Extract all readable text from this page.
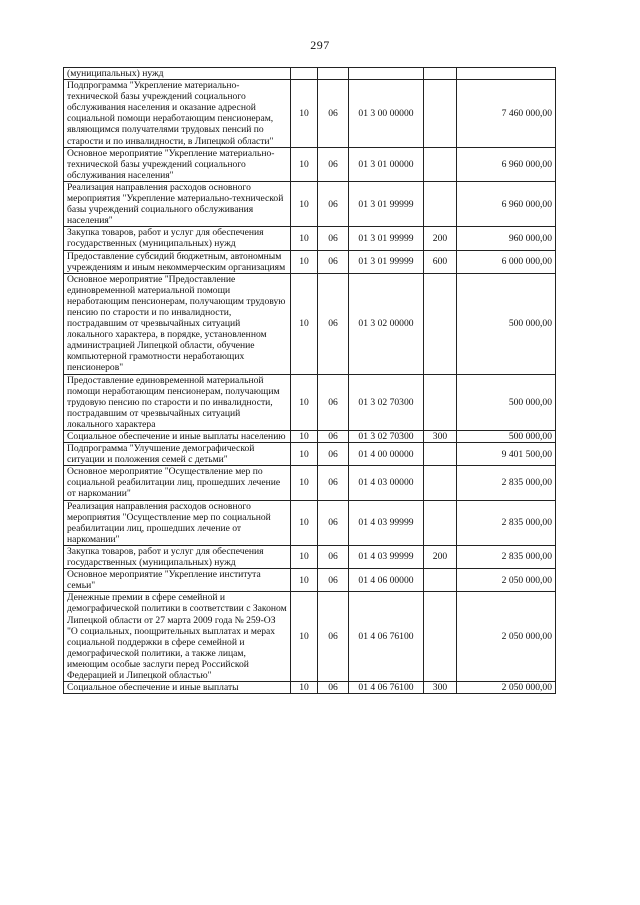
297
(муниципальных) нужд					
Подпрограмма "Укрепление материально-технической базы учреждений социального обслуживания населения и оказание адресной социальной помощи неработающим пенсионерам, являющимся получателями трудовых пенсий по старости и по инвалидности, в Липецкой области"	10	06	01 3 00 00000		7 460 000,00
Основное мероприятие "Укрепление материально-технической базы учреждений социального обслуживания населения"	10	06	01 3 01 00000		6 960 000,00
Реализация направления расходов основного мероприятия "Укрепление материально-технической базы учреждений социального обслуживания населения"	10	06	01 3 01 99999		6 960 000,00
Закупка товаров, работ и услуг для обеспечения государственных (муниципальных) нужд	10	06	01 3 01 99999	200	960 000,00
Предоставление субсидий бюджетным, автономным учреждениям и иным некоммерческим организациям	10	06	01 3 01 99999	600	6 000 000,00
Основное мероприятие "Предоставление единовременной материальной помощи неработающим пенсионерам, получающим трудовую пенсию по старости и по инвалидности, пострадавшим от чрезвычайных ситуаций локального характера, в порядке, установленном администрацией Липецкой области, обучение компьютерной грамотности неработающих пенсионеров"	10	06	01 3 02 00000		500 000,00
Предоставление единовременной материальной помощи неработающим пенсионерам, получающим трудовую пенсию по старости и по инвалидности, пострадавшим от чрезвычайных ситуаций локального характера	10	06	01 3 02 70300		500 000,00
Социальное обеспечение и иные выплаты населению	10	06	01 3 02 70300	300	500 000,00
Подпрограмма "Улучшение демографической ситуации и положения семей с детьми"	10	06	01 4 00 00000		9 401 500,00
Основное мероприятие "Осуществление мер по социальной реабилитации лиц, прошедших лечение от наркомании"	10	06	01 4 03 00000		2 835 000,00
Реализация направления расходов основного мероприятия "Осуществление мер по социальной реабилитации лиц, прошедших лечение от наркомании"	10	06	01 4 03 99999		2 835 000,00
Закупка товаров, работ и услуг для обеспечения государственных (муниципальных) нужд	10	06	01 4 03 99999	200	2 835 000,00
Основное мероприятие "Укрепление института семьи"	10	06	01 4 06 00000		2 050 000,00
Денежные премии в сфере семейной и демографической политики в соответствии с Законом Липецкой области от 27 марта 2009 года № 259-ОЗ "О социальных, поощрительных выплатах и мерах социальной поддержки в сфере семейной и демографической политики, а также лицам, имеющим особые заслуги перед Российской Федерацией и Липецкой областью"	10	06	01 4 06 76100		2 050 000,00
Социальное обеспечение и иные выплаты	10	06	01 4 06 76100	300	2 050 000,00
